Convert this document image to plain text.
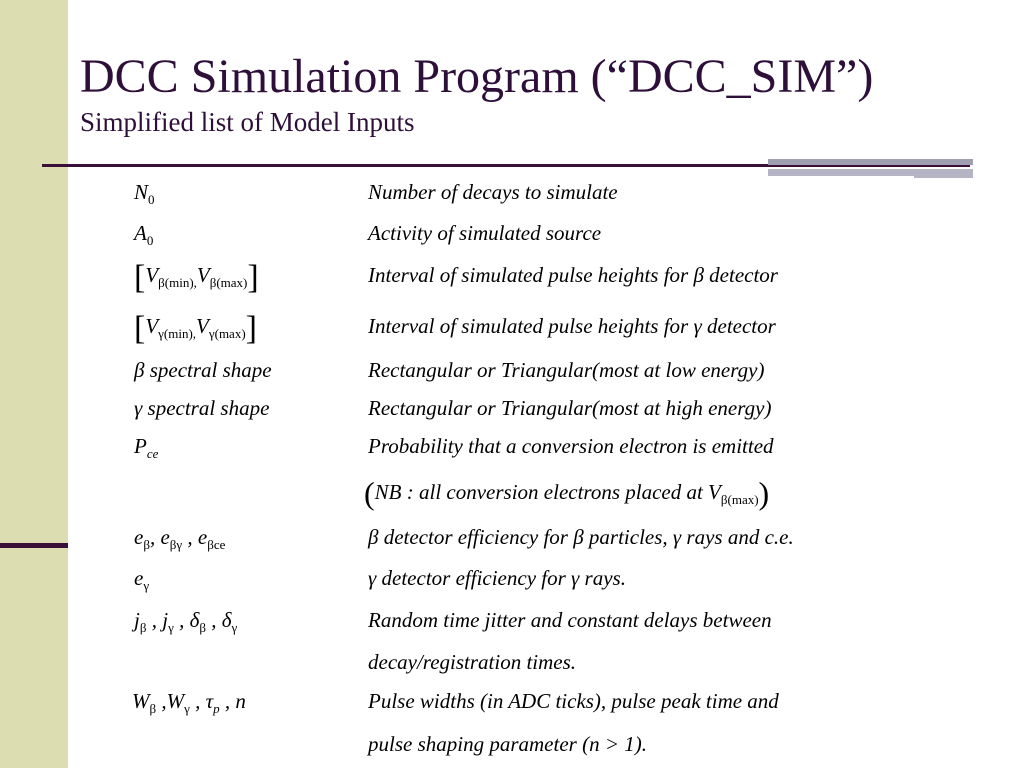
DCC Simulation Program (“DCC_SIM”)
Simplified list of Model Inputs
$N_0$	Number of decays to simulate
$A_0$	Activity of simulated source
$[V_{\beta(min),}V_{\beta(max)}]$	Interval of simulated pulse heights for β detector
$[V_{\gamma(min),}V_{\gamma(max)}]$	Interval of simulated pulse heights for γ detector
β spectral shape	Rectangular or Triangular(most at low energy)
γ spectral shape	Rectangular or Triangular(most at high energy)
$P_{ce}$	Probability that a conversion electron is emitted
(NB : all conversion electrons placed at $V_{\beta(max)}$)
$e_\beta$, $e_{\beta\gamma}$ , $e_{\beta ce}$	β detector efficiency for β particles, γ rays and c.e.
$e_\gamma$	γ detector efficiency for γ rays.
$j_\beta$ , $j_\gamma$ , $\delta_\beta$ , $\delta_\gamma$	Random time jitter and constant delays between
decay/registration times.
$W_\beta$ $,W_\gamma$ , $\tau_p$ , n	Pulse widths (in ADC ticks), pulse peak time and
pulse shaping parameter (n > 1).
